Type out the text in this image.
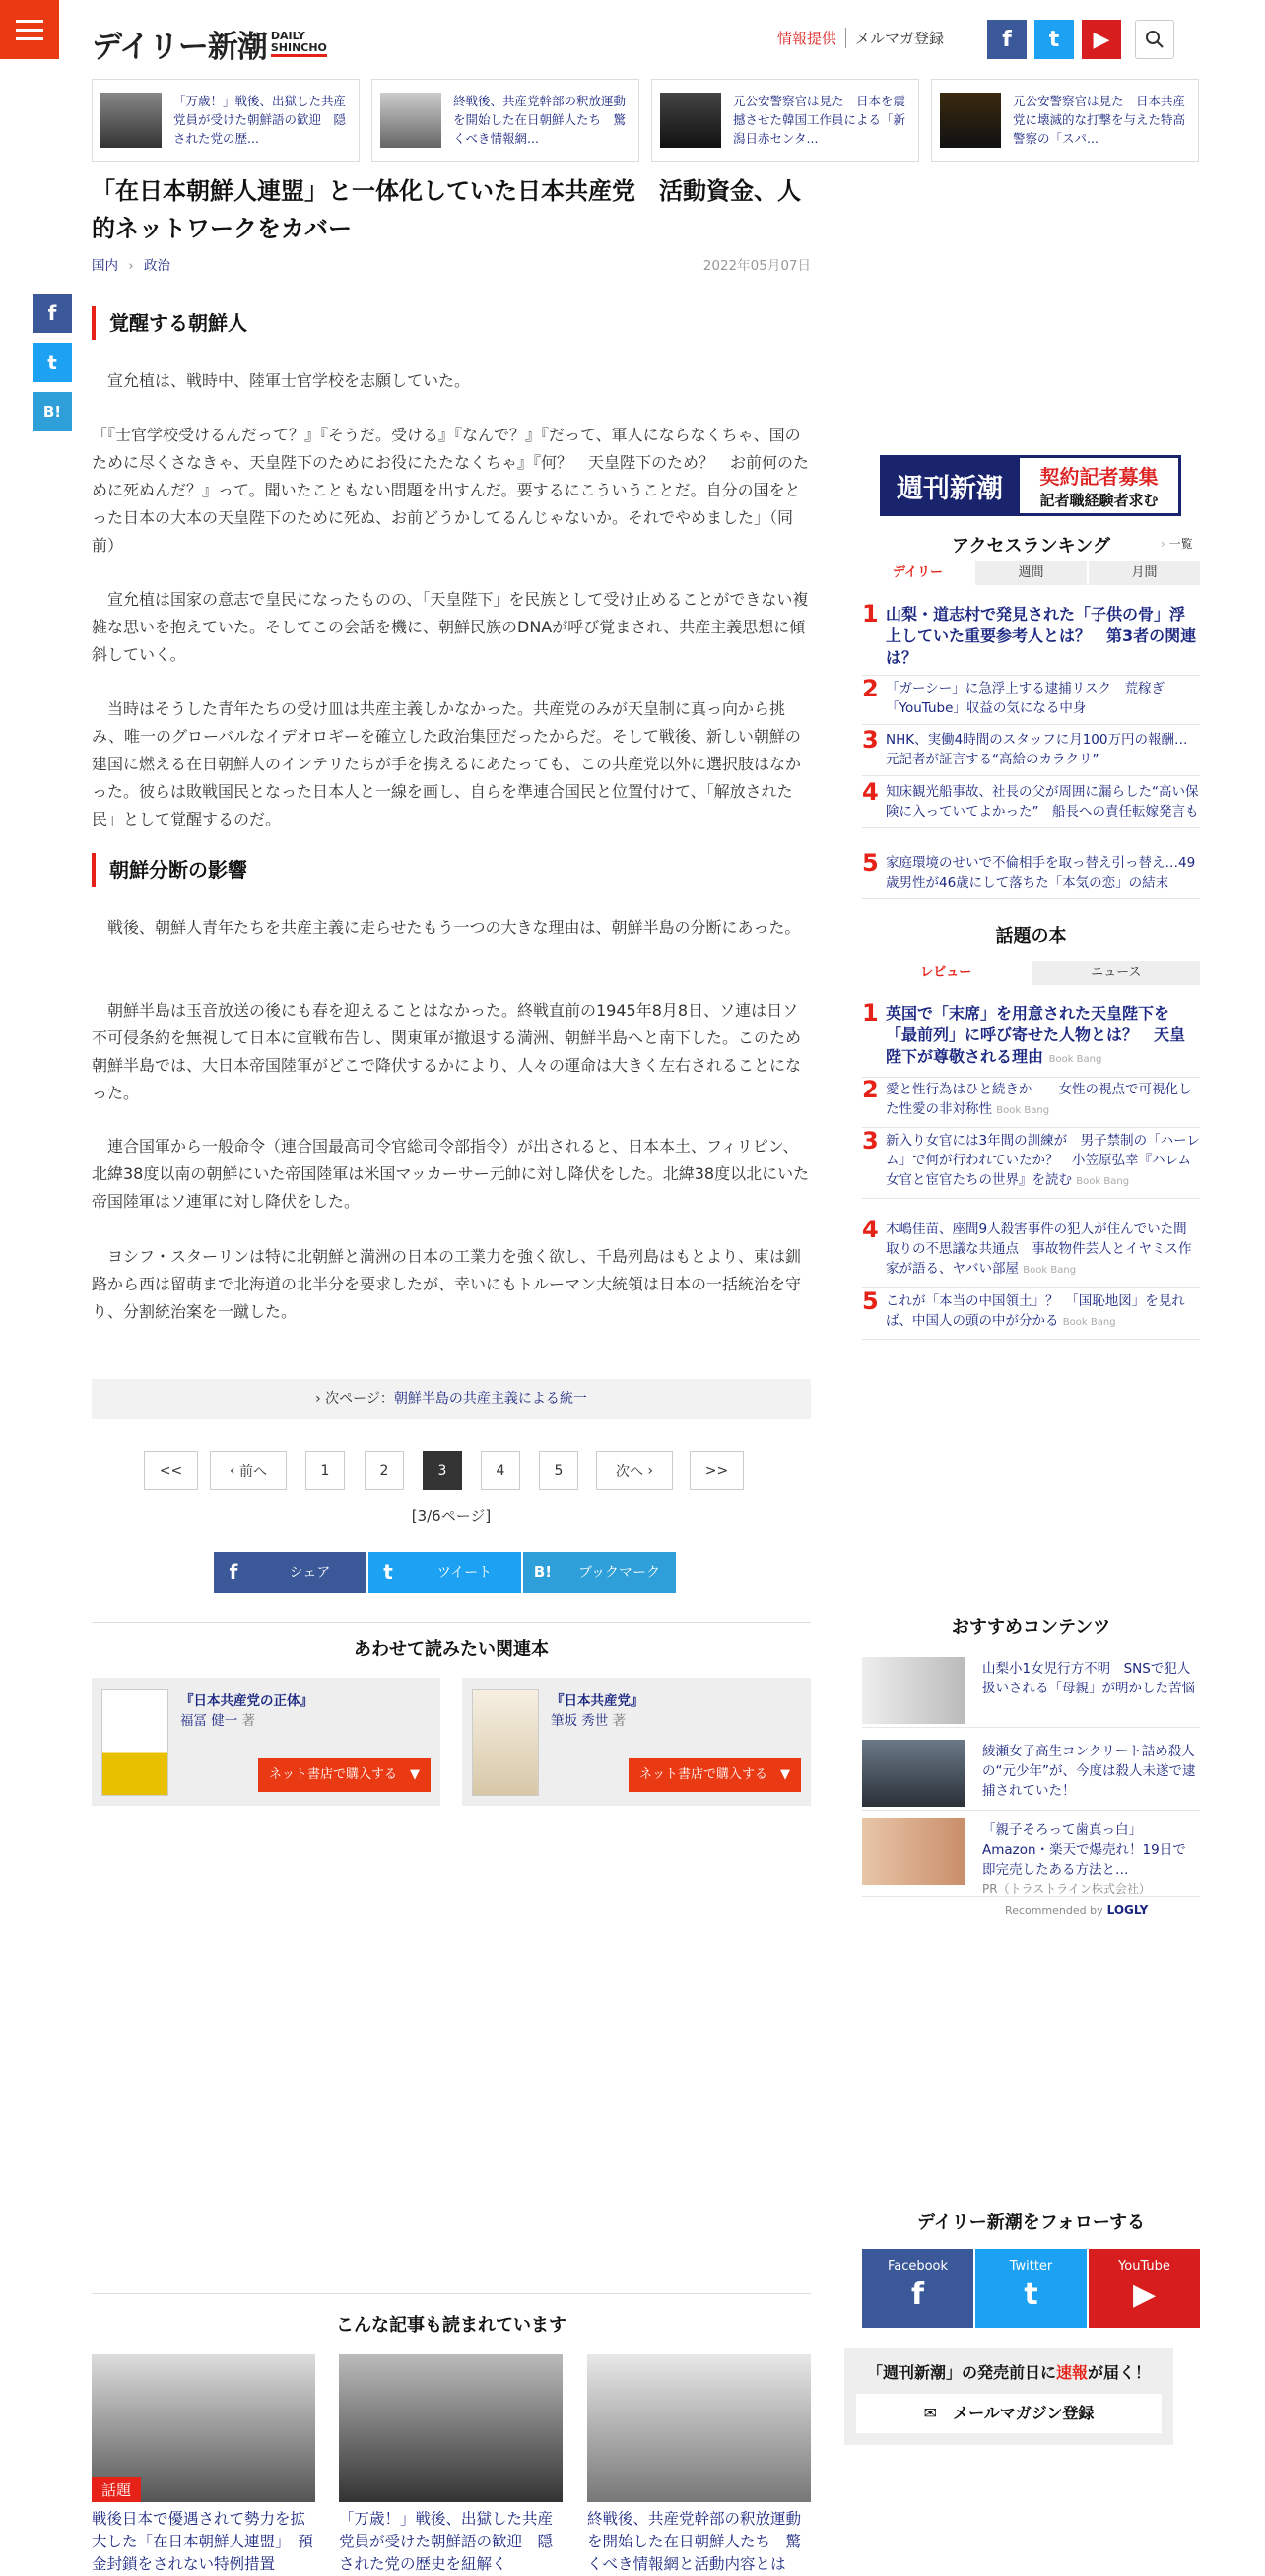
デイリー新潮 DAILY
SHINCHO	情報提供	メルマガ登録	f	t	▶
「万歳！」戦後、出獄した共産党員が受けた朝鮮語の歓迎　隠された党の歴...
終戦後、共産党幹部の釈放運動を開始した在日朝鮮人たち　驚くべき情報網...
元公安警察官は見た　日本を震撼させた韓国工作員による「新潟日赤センタ...
元公安警察官は見た　日本共産党に壊滅的な打撃を与えた特高警察の「スパ...
「在日本朝鮮人連盟」と一体化していた日本共産党　活動資金、人的ネットワークをカバー
国内 › 政治	2022年05月07日
f
t
B!
覚醒する朝鮮人

　宣允植は、戦時中、陸軍士官学校を志願していた。

「『士官学校受けるんだって？』『そうだ。受ける』『なんで？』『だって、軍人にならなくちゃ、国のために尽くさなきゃ、天皇陛下のためにお役にたたなくちゃ』『何？　天皇陛下のため？　お前何のために死ぬんだ？』って。聞いたこともない問題を出すんだ。要するにこういうことだ。自分の国をとった日本の大本の天皇陛下のために死ぬ、お前どうかしてるんじゃないか。それでやめました」（同前）

　宣允植は国家の意志で皇民になったものの、「天皇陛下」を民族として受け止めることができない複雑な思いを抱えていた。そしてこの会話を機に、朝鮮民族のDNAが呼び覚まされ、共産主義思想に傾斜していく。

　当時はそうした青年たちの受け皿は共産主義しかなかった。共産党のみが天皇制に真っ向から挑み、唯一のグローバルなイデオロギーを確立した政治集団だったからだ。そして戦後、新しい朝鮮の建国に燃える在日朝鮮人のインテリたちが手を携えるにあたっても、この共産党以外に選択肢はなかった。彼らは敗戦国民となった日本人と一線を画し、自らを準連合国民と位置付けて、「解放された民」として覚醒するのだ。

朝鮮分断の影響

　戦後、朝鮮人青年たちを共産主義に走らせたもう一つの大きな理由は、朝鮮半島の分断にあった。

　朝鮮半島は玉音放送の後にも春を迎えることはなかった。終戦直前の1945年8月8日、ソ連は日ソ不可侵条約を無視して日本に宣戦布告し、関東軍が撤退する満洲、朝鮮半島へと南下した。このため朝鮮半島では、大日本帝国陸軍がどこで降伏するかにより、人々の運命は大きく左右されることになった。

　連合国軍から一般命令（連合国最高司令官総司令部指令）が出されると、日本本土、フィリピン、北緯38度以南の朝鮮にいた帝国陸軍は米国マッカーサー元帥に対し降伏をした。北緯38度以北にいた帝国陸軍はソ連軍に対し降伏をした。

　ヨシフ・スターリンは特に北朝鮮と満洲の日本の工業力を強く欲し、千島列島はもとより、東は釧路から西は留萌まで北海道の北半分を要求したが、幸いにもトルーマン大統領は日本の一括統治を守り、分割統治案を一蹴した。

› 次ページ：朝鮮半島の共産主義による統一
<<	‹ 前へ	1	2	3	4	5	次へ ›	>>
[3/6ページ]
f	シェア	t	ツイート	B!	ブックマーク
あわせて読みたい関連本
『日本共産党の正体』
福冨 健一 著
ネット書店で購入する　▼
『日本共産党』
筆坂 秀世 著
ネット書店で購入する　▼
こんな記事も読まれています
話題
戦後日本で優遇されて勢力を拡大した「在日本朝鮮人連盟」　預金封鎖をされない特例措置
「万歳！」戦後、出獄した共産党員が受けた朝鮮語の歓迎　隠された党の歴史を紐解く
終戦後、共産党幹部の釈放運動を開始した在日朝鮮人たち　驚くべき情報網と活動内容とは
週刊新潮	契約記者募集
記者職経験者求む
アクセスランキング	› 一覧
デイリー	週間	月間
1 山梨・道志村で発見された「子供の骨」浮上していた重要参考人とは？　第3者の関連は？
2 「ガーシー」に急浮上する逮捕リスク　荒稼ぎ「YouTube」収益の気になる中身
3 NHK、実働4時間のスタッフに月100万円の報酬…　元記者が証言する“高給のカラクリ”
4 知床観光船事故、社長の父が周囲に漏らした“高い保険に入っていてよかった”　船長への責任転嫁発言も
5 家庭環境のせいで不倫相手を取っ替え引っ替え…49歳男性が46歳にして落ちた「本気の恋」の結末
話題の本
レビュー	ニュース
1 英国で「末席」を用意された天皇陛下を「最前列」に呼び寄せた人物とは？　天皇陛下が尊敬される理由 Book Bang
2 愛と性行為はひと続きか――女性の視点で可視化した性愛の非対称性 Book Bang
3 新入り女官には3年間の訓練が　男子禁制の「ハーレム」で何が行われていたか？　小笠原弘幸『ハレム　女官と宦官たちの世界』を読む Book Bang
4 木嶋佳苗、座間9人殺害事件の犯人が住んでいた間取りの不思議な共通点　事故物件芸人とイヤミス作家が語る、ヤバい部屋 Book Bang
5 これが「本当の中国領土」？　「国恥地図」を見れば、中国人の頭の中が分かる Book Bang
おすすめコンテンツ
山梨小1女児行方不明　SNSで犯人扱いされる「母親」が明かした苦悩
綾瀬女子高生コンクリート詰め殺人の“元少年”が、今度は殺人未遂で逮捕されていた！
「親子そろって歯真っ白」Amazon・楽天で爆売れ！19日で即完売したある方法と…
PR（トラストライン株式会社）
Recommended by LOGLY
デイリー新潮をフォローする
Facebook
f
Twitter
t
YouTube
▶
「週刊新潮」の発売前日に速報が届く！
✉　メールマガジン登録
